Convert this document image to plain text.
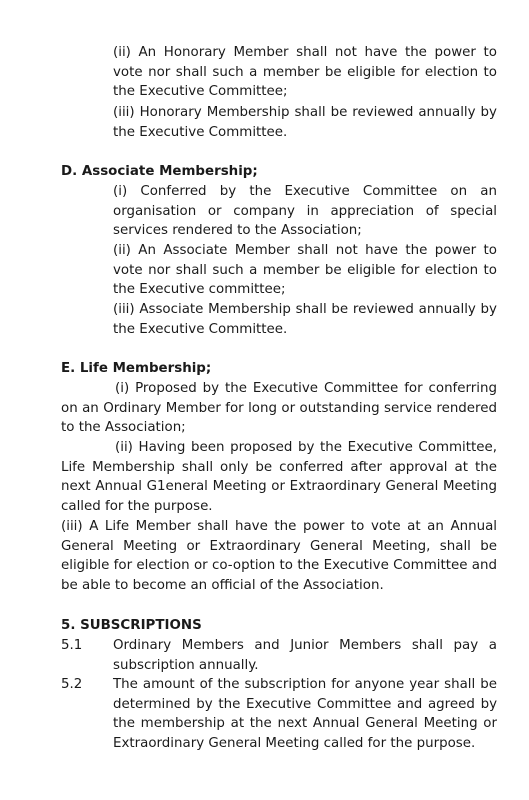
(ii) An Honorary Member shall not have the power to vote nor shall such a member be eligible for election to the Executive Committee;
(iii) Honorary Membership shall be reviewed annually by the Executive Committee.
D. Associate Membership;
(i) Conferred by the Executive Committee on an organisation or company in appreciation of special services rendered to the Association;
(ii) An Associate Member shall not have the power to vote nor shall such a member be eligible for election to the Executive committee;
(iii) Associate Membership shall be reviewed annually by the Executive Committee.
E. Life Membership;
(i) Proposed by the Executive Committee for conferring on an Ordinary Member for long or outstanding service rendered to the Association;
(ii) Having been proposed by the Executive Committee, Life Membership shall only be conferred after approval at the next Annual G1eneral Meeting or Extraordinary General Meeting called for the purpose.
(iii) A Life Member shall have the power to vote at an Annual General Meeting or Extraordinary General Meeting, shall be eligible for election or co-option to the Executive Committee and be able to become an official of the Association.
5. SUBSCRIPTIONS
5.1	Ordinary Members and Junior Members shall pay a subscription annually.
5.2	The amount of the subscription for anyone year shall be determined by the Executive Committee and agreed by the membership at the next Annual General Meeting or Extraordinary General Meeting called for the purpose.
